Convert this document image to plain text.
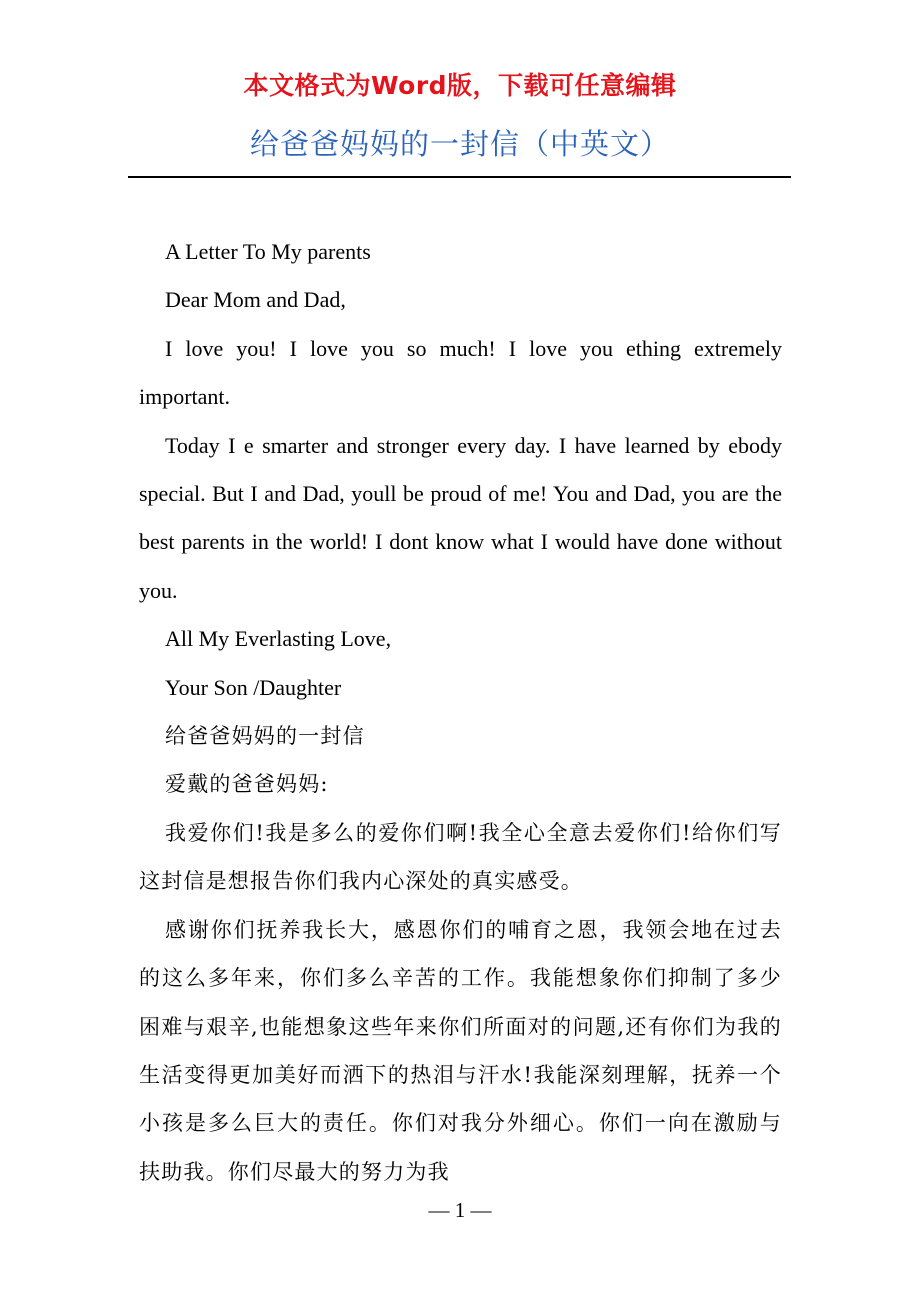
本文格式为Word版，下载可任意编辑
给爸爸妈妈的一封信（中英文）

A Letter To My parents

Dear Mom and Dad,

I love you! I love you so much! I love you ething extremely important.

Today I e smarter and stronger every day. I have learned by ebody special. But I and Dad, youll be proud of me! You and Dad, you are the best parents in the world! I dont know what I would have done without you.

All My Everlasting Love,

Your Son /Daughter

给爸爸妈妈的一封信

爱戴的爸爸妈妈:

我爱你们!我是多么的爱你们啊!我全心全意去爱你们!给你们写这封信是想报告你们我内心深处的真实感受。

感谢你们抚养我长大，感恩你们的哺育之恩，我领会地在过去的这么多年来，你们多么辛苦的工作。我能想象你们抑制了多少困难与艰辛,也能想象这些年来你们所面对的问题,还有你们为我的生活变得更加美好而洒下的热泪与汗水!我能深刻理解，抚养一个小孩是多么巨大的责任。你们对我分外细心。你们一向在激励与扶助我。你们尽最大的努力为我

— 1 —
